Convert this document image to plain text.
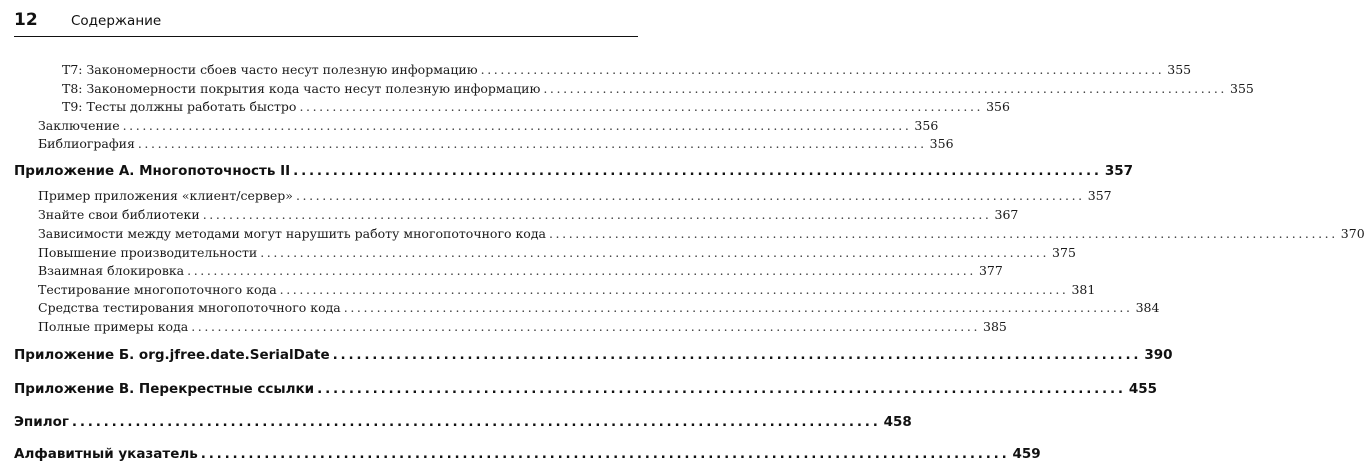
12 Содержание
T7: Закономерности сбоев часто несут полезную информацию ........................................................................................................ 355
T8: Закономерности покрытия кода часто несут полезную информацию ........................................................................................................ 355
T9: Тесты должны работать быстро ........................................................................................................ 356
Заключение ........................................................................................................................ 356
Библиография ........................................................................................................................ 356
Приложение А. Многопоточность II ...................................................................................................... 357
Пример приложения «клиент/сервер» ........................................................................................................................ 357
Знайте свои библиотеки ........................................................................................................................ 367
Зависимости между методами могут нарушить работу многопоточного кода ........................................................................................................................ 370
Повышение производительности ........................................................................................................................ 375
Взаимная блокировка ........................................................................................................................ 377
Тестирование многопоточного кода ........................................................................................................................ 381
Средства тестирования многопоточного кода ........................................................................................................................ 384
Полные примеры кода ........................................................................................................................ 385
Приложение Б. org.jfree.date.SerialDate ...................................................................................................... 390
Приложение В. Перекрестные ссылки ...................................................................................................... 455
Эпилог ...................................................................................................... 458
Алфавитный указатель ...................................................................................................... 459
